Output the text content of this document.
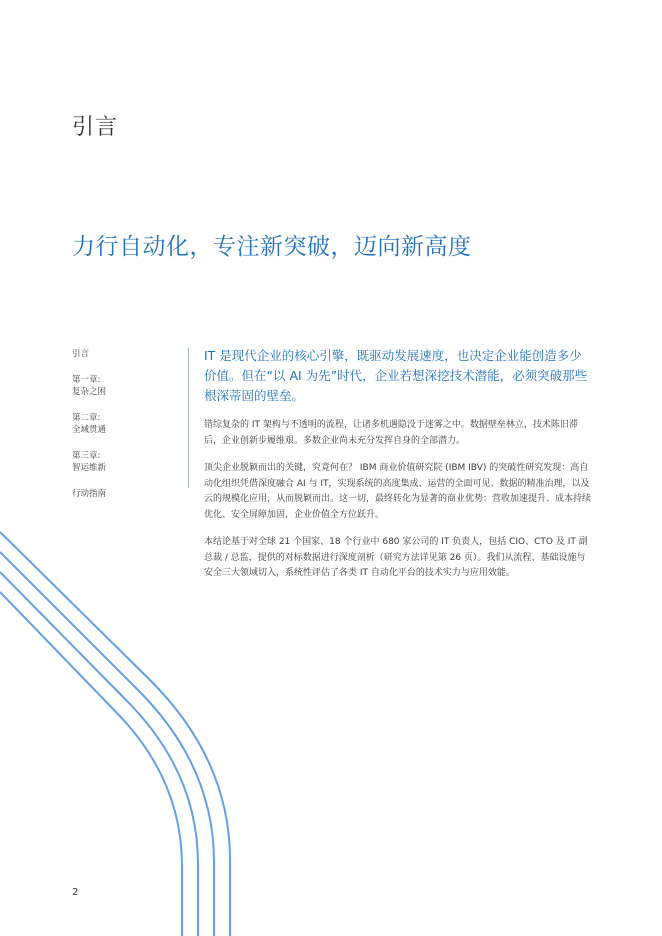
引言
力行自动化，专注新突破，迈向新高度
引言
第一章:
复杂之困
第二章:
全域贯通
第三章:
智运维新
行动指南

IT 是现代企业的核心引擎，既驱动发展速度，也决定企业能创造多少价值。但在“以 AI 为先”时代，企业若想深挖技术潜能，必须突破那些根深蒂固的壁垒。

错综复杂的 IT 架构与不透明的流程，让诸多机遇隐没于迷雾之中。数据壁垒林立，技术陈旧滞后，企业创新步履维艰。多数企业尚未充分发挥自身的全部潜力。

顶尖企业脱颖而出的关键，究竟何在？ IBM 商业价值研究院 (IBM IBV) 的突破性研究发现：高自动化组织凭借深度融合 AI 与 IT，实现系统的高度集成、运营的全面可见、数据的精准治理，以及云的规模化应用，从而脱颖而出。这一切，最终转化为显著的商业优势：营收加速提升、成本持续优化、安全屏障加固，企业价值全方位跃升。

本结论基于对全球 21 个国家、18 个行业中 680 家公司的 IT 负责人，包括 CIO、CTO 及 IT 副总裁 / 总监，提供的对标数据进行深度剖析（研究方法详见第 26 页）。我们从流程、基础设施与安全三大领域切入，系统性评估了各类 IT 自动化平台的技术实力与应用效能。

2
